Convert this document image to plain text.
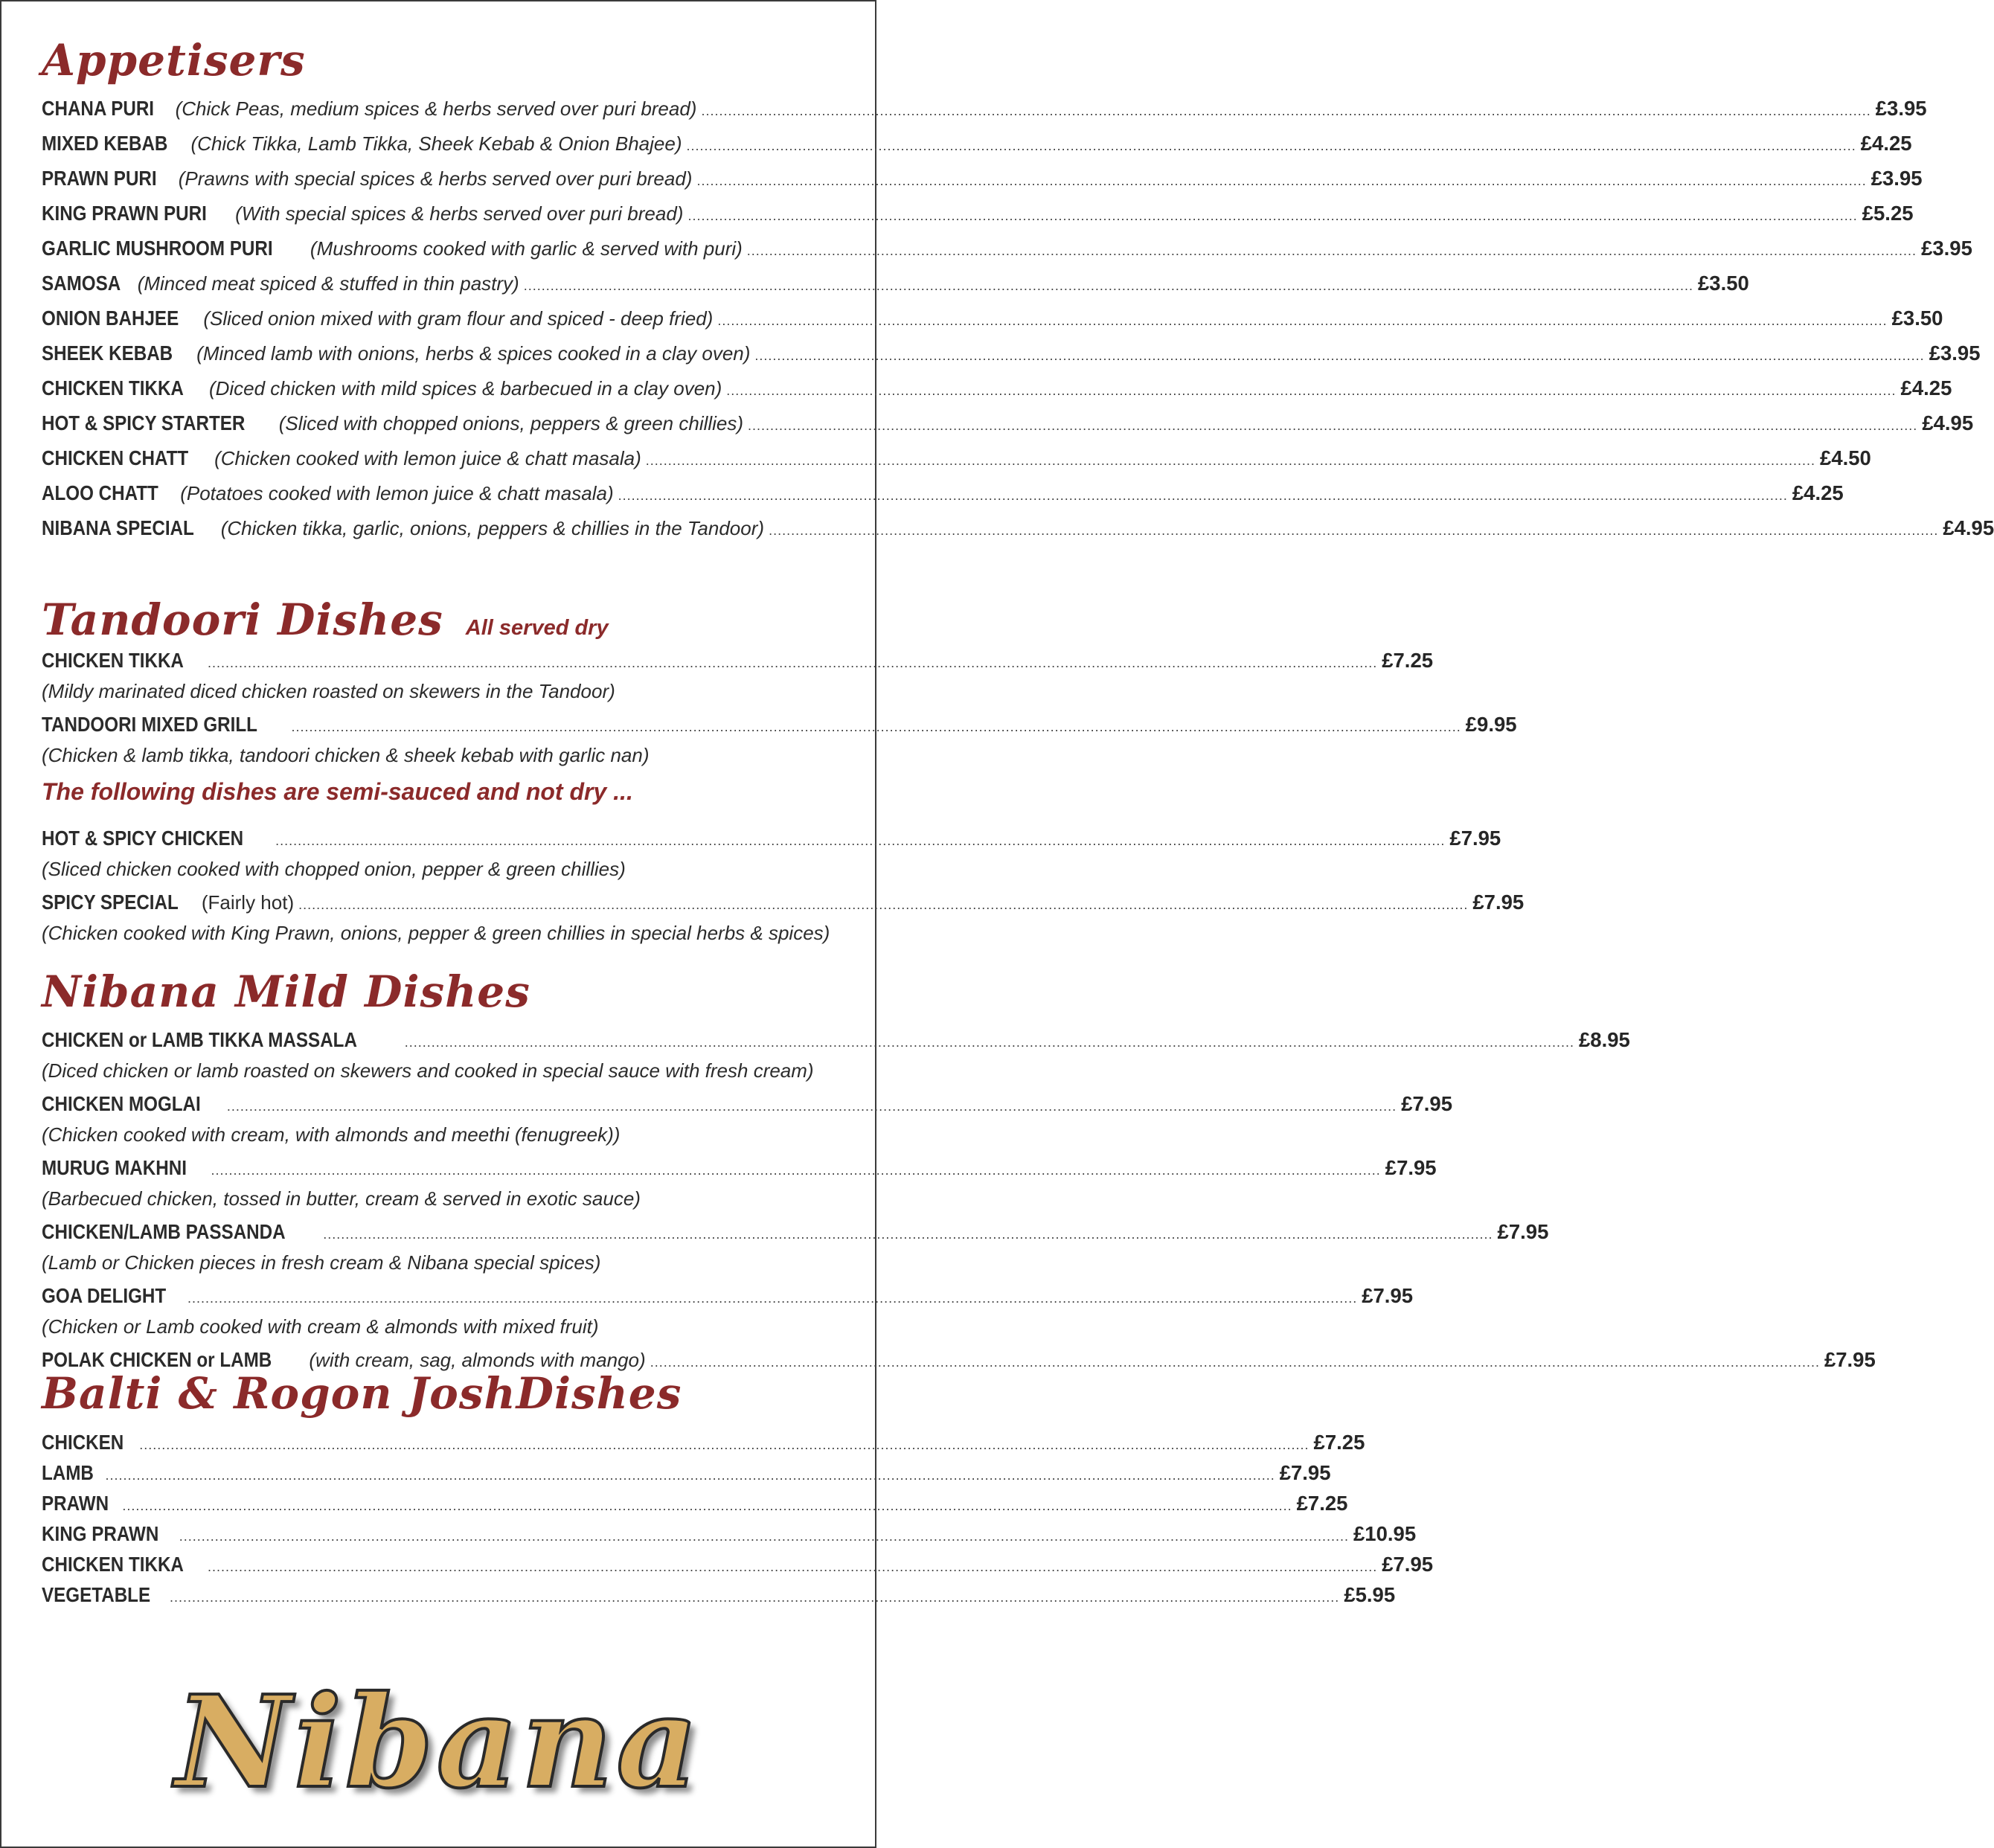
Appetisers
CHANA PURI (Chick Peas, medium spices & herbs served over puri bread) .....	£3.95
MIXED KEBAB (Chick Tikka, Lamb Tikka, Sheek Kebab & Onion Bhajee) .....	£4.25
PRAWN PURI (Prawns with special spices & herbs served over puri bread) .....	£3.95
KING PRAWN PURI (With special spices & herbs served over puri bread) .....	£5.25
GARLIC MUSHROOM PURI (Mushrooms cooked with garlic & served with puri) .....	£3.95
SAMOSA (Minced meat spiced & stuffed in thin pastry) .....	£3.50
ONION BAHJEE (Sliced onion mixed with gram flour and spiced - deep fried) .....	£3.50
SHEEK KEBAB (Minced lamb with onions, herbs & spices cooked in a clay oven) .....	£3.95
CHICKEN TIKKA (Diced chicken with mild spices & barbecued in a clay oven) .....	£4.25
HOT & SPICY STARTER (Sliced with chopped onions, peppers & green chillies) .....	£4.95
CHICKEN CHATT (Chicken cooked with lemon juice & chatt masala) .....	£4.50
ALOO CHATT (Potatoes cooked with lemon juice & chatt masala) .....	£4.25
NIBANA SPECIAL (Chicken tikka, garlic, onions, peppers & chillies in the Tandoor) .....	£4.95
Tandoori Dishes All served dry
CHICKEN TIKKA .....	£7.25
(Mildy marinated diced chicken roasted on skewers in the Tandoor)
TANDOORI MIXED GRILL .....	£9.95
(Chicken & lamb tikka, tandoori chicken & sheek kebab with garlic nan)
The following dishes are semi-sauced and not dry ...
HOT & SPICY CHICKEN .....	£7.95
(Sliced chicken cooked with chopped onion, pepper & green chillies)
SPICY SPECIAL (Fairly hot) .....	£7.95
(Chicken cooked with King Prawn, onions, pepper & green chillies in special herbs & spices)
Nibana Mild Dishes
CHICKEN or LAMB TIKKA MASSALA .....	£8.95
(Diced chicken or lamb roasted on skewers and cooked in special sauce with fresh cream)
CHICKEN MOGLAI .....	£7.95
(Chicken cooked with cream, with almonds and meethi (fenugreek))
MURUG MAKHNI .....	£7.95
(Barbecued chicken, tossed in butter, cream & served in exotic sauce)
CHICKEN/LAMB PASSANDA .....	£7.95
(Lamb or Chicken pieces in fresh cream & Nibana special spices)
GOA DELIGHT .....	£7.95
(Chicken or Lamb cooked with cream & almonds with mixed fruit)
POLAK CHICKEN or LAMB (with cream, sag, almonds with mango) .....	£7.95
Balti & Rogon JoshDishes
CHICKEN .....	£7.25
LAMB .....	£7.95
PRAWN .....	£7.25
KING PRAWN .....	£10.95
CHICKEN TIKKA .....	£7.95
VEGETABLE .....	£5.95
Nibana
